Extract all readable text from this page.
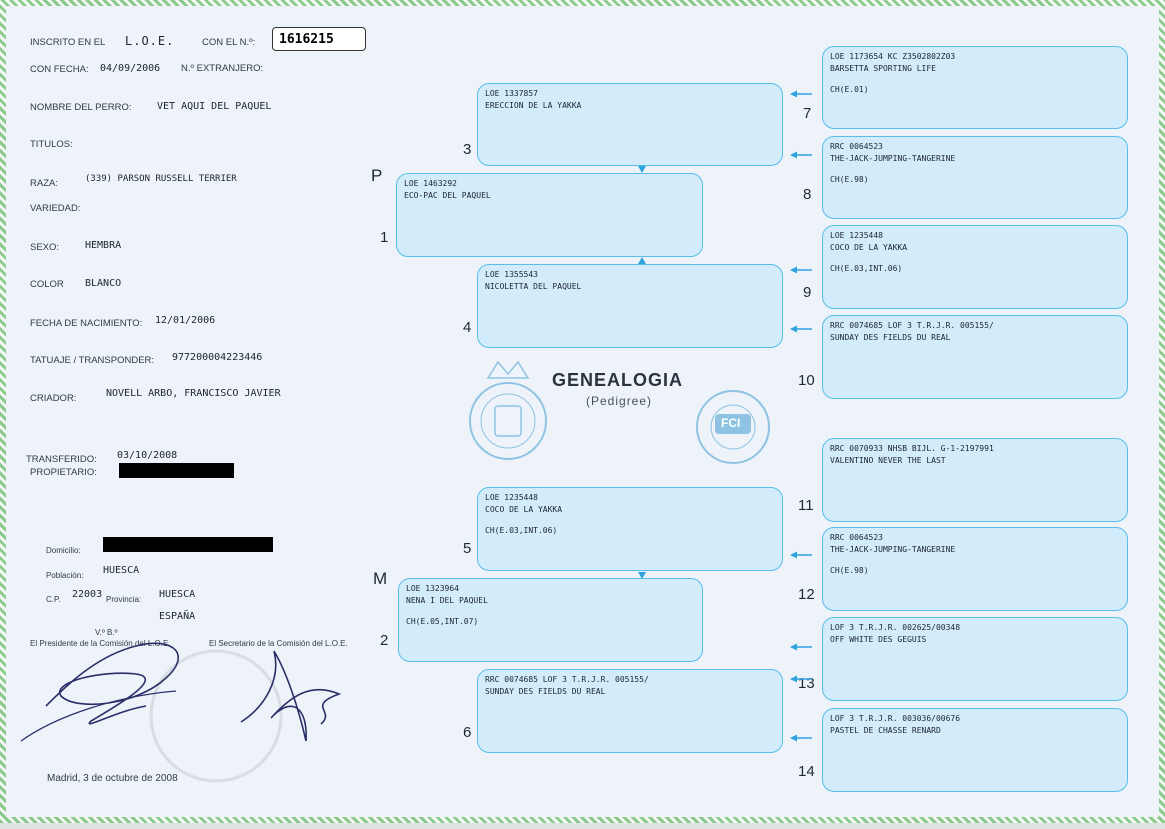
INSCRITO EN EL L.O.E.	CON EL N.º:	1616215
CON FECHA: 04/09/2006 N.º EXTRANJERO:
NOMBRE DEL PERRO:	VET AQUI DEL PAQUEL
TITULOS:
RAZA:	(339) PARSON RUSSELL TERRIER
VARIEDAD:
SEXO:	HEMBRA
COLOR BLANCO
FECHA DE NACIMIENTO: 12/01/2006
TATUAJE / TRANSPONDER: 977200004223446
CRIADOR:	NOVELL ARBO, FRANCISCO JAVIER
TRANSFERIDO: 03/10/2008
PROPIETARIO:
Domicilio:
Población: HUESCA
C.P. 22003 Provincia: HUESCA
ESPAÑA
V.º B.º
El Presidente de la Comisión del L.O.E.	El Secretario de la Comisión del L.O.E.
Madrid, 3 de octubre de 2008
FCI
GENEALOGIA
(Pedigree)
P
M
LOE 1463292
ECO-PAC DEL PAQUEL
1
LOE 1323964
NENA I DEL PAQUEL
CH(E.05,INT.07)
2
LOE 1337857
ERECCION DE LA YAKKA
3
LOE 1355543
NICOLETTA DEL PAQUEL
4
LOE 1235448
COCO DE LA YAKKA
CH(E.03,INT.06)
5
RRC 0074685 LOF 3 T.R.J.R. 005155/
SUNDAY DES FIELDS DU REAL
6
LOE 1173654 KC Z3502802Z03
BARSETTA SPORTING LIFE
CH(E.01)
7
RRC 0064523
THE-JACK-JUMPING-TANGERINE
CH(E.98)
8
LOE 1235448
COCO DE LA YAKKA
CH(E.03,INT.06)
9
RRC 0074685 LOF 3 T.R.J.R. 005155/
SUNDAY DES FIELDS DU REAL
10
RRC 0070933 NHSB BIJL. G-1-2197991
VALENTINO NEVER THE LAST
11
RRC 0064523
THE-JACK-JUMPING-TANGERINE
CH(E.98)
12
LOF 3 T.R.J.R. 002625/00348
OFF WHITE DES GEGUIS
13
LOF 3 T.R.J.R. 003036/00676
PASTEL DE CHASSE RENARD
14
